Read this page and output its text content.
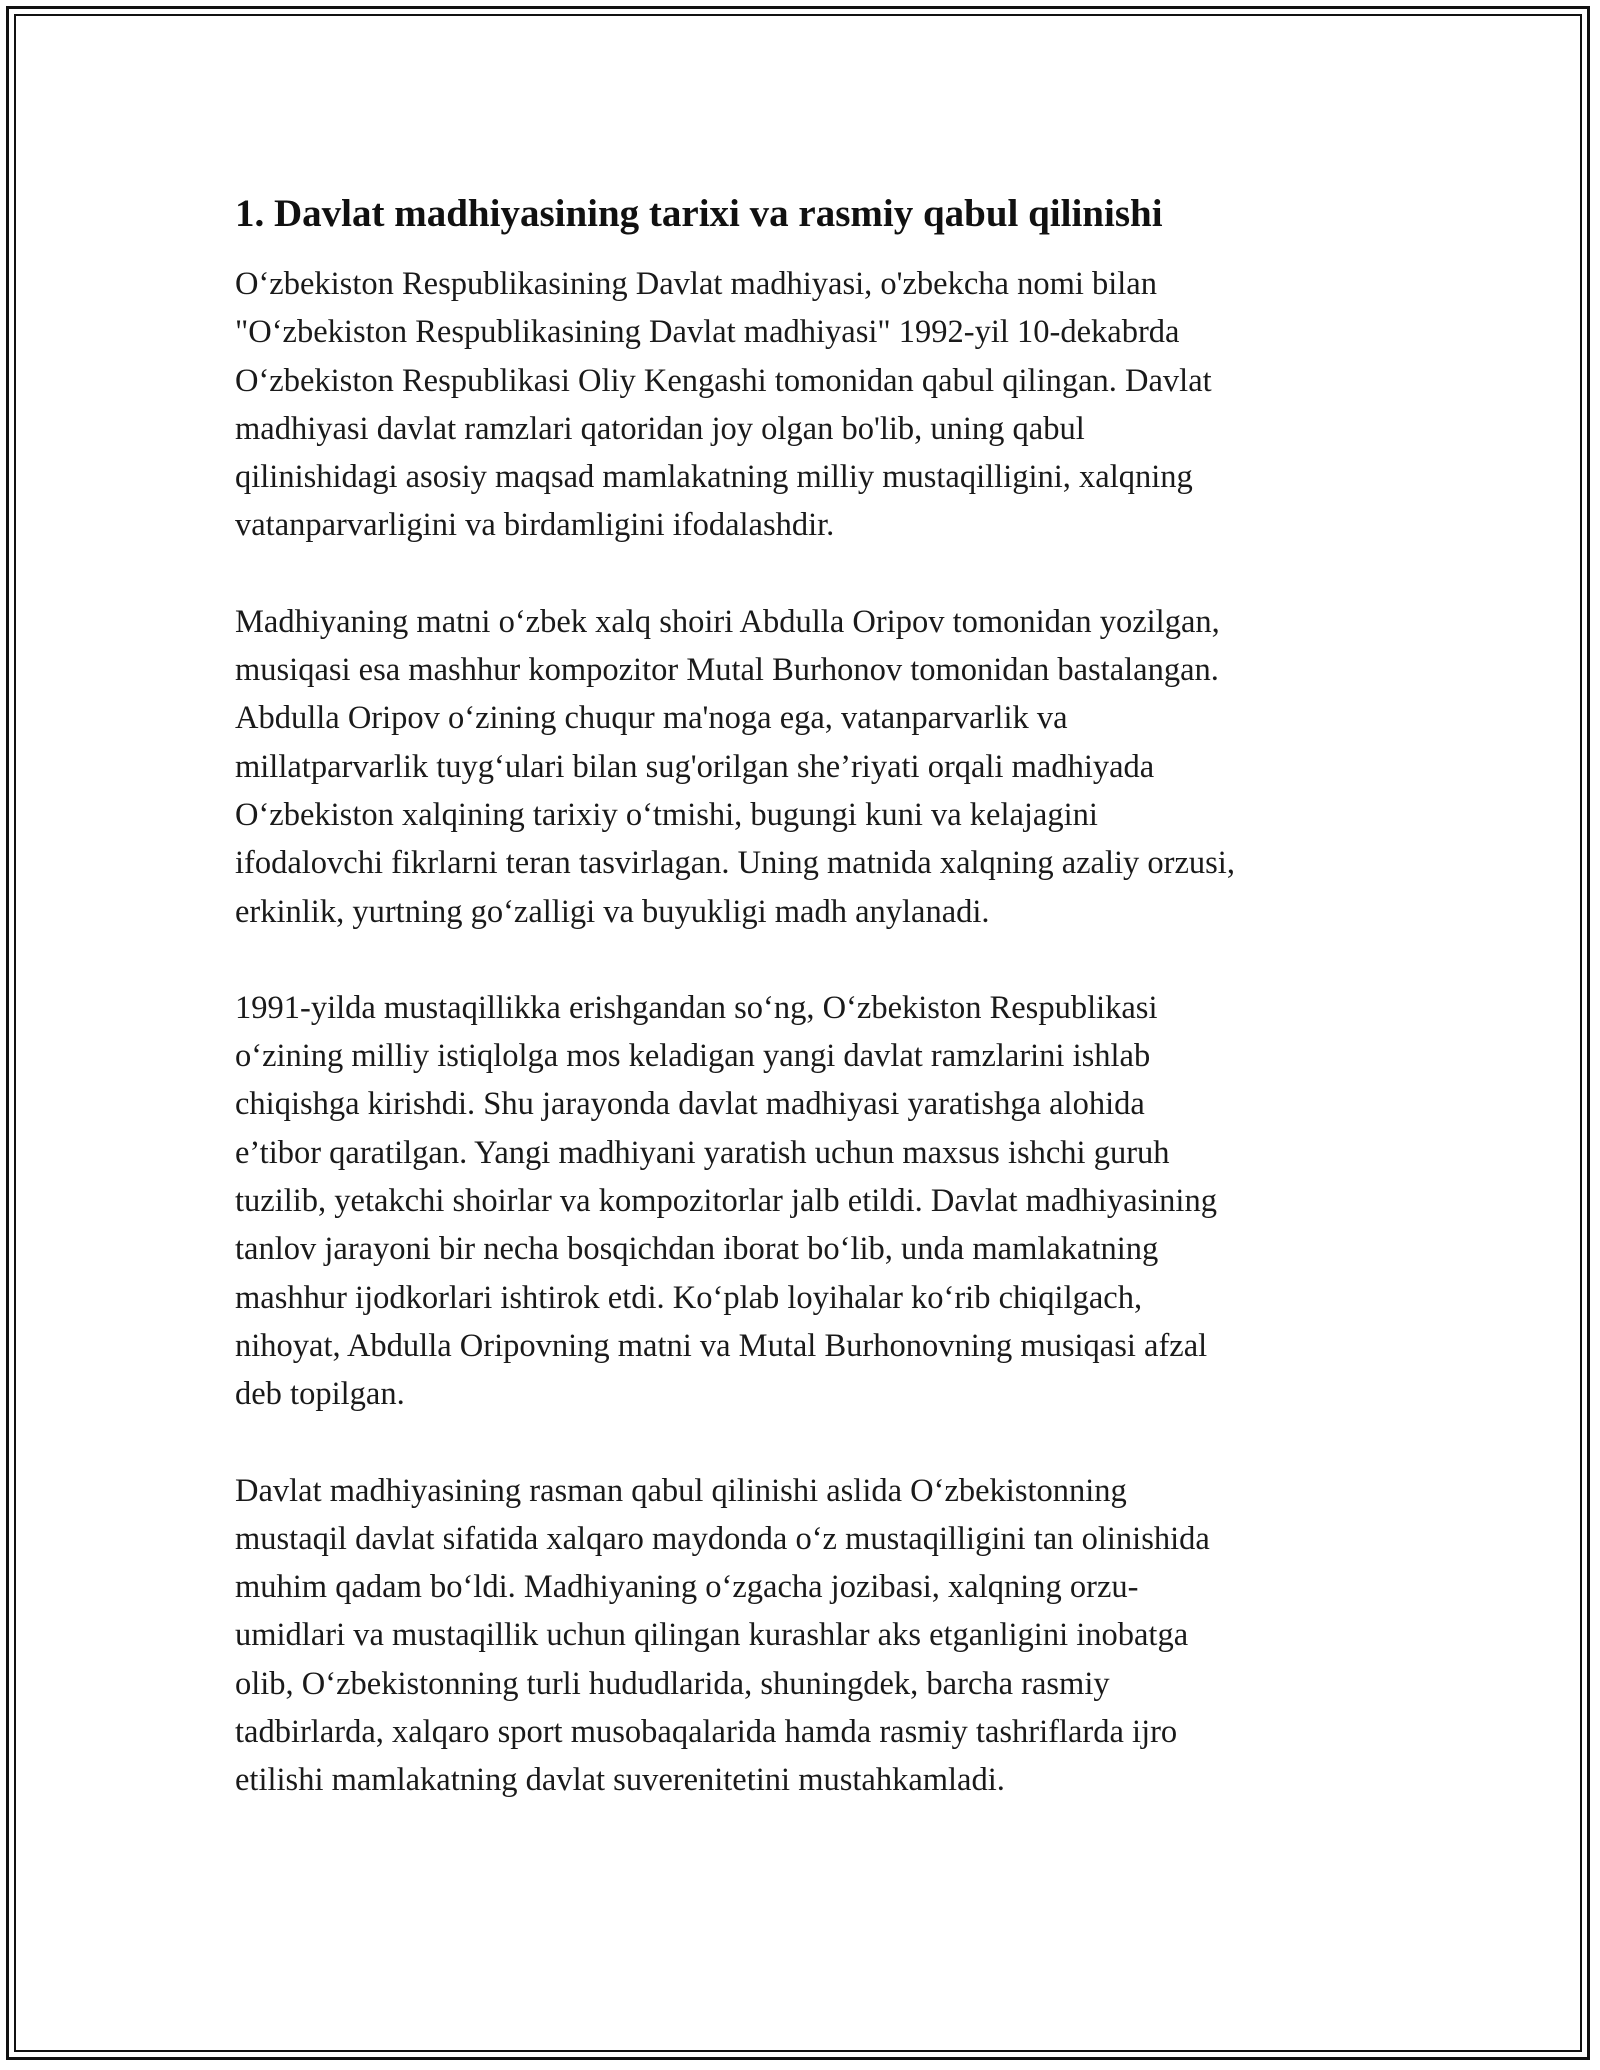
1. Davlat madhiyasining tarixi va rasmiy qabul qilinishi

O‘zbekiston Respublikasining Davlat madhiyasi, o'zbekcha nomi bilan
"O‘zbekiston Respublikasining Davlat madhiyasi" 1992-yil 10-dekabrda
O‘zbekiston Respublikasi Oliy Kengashi tomonidan qabul qilingan. Davlat
madhiyasi davlat ramzlari qatoridan joy olgan bo'lib, uning qabul
qilinishidagi asosiy maqsad mamlakatning milliy mustaqilligini, xalqning
vatanparvarligini va birdamligini ifodalashdir.

Madhiyaning matni o‘zbek xalq shoiri Abdulla Oripov tomonidan yozilgan,
musiqasi esa mashhur kompozitor Mutal Burhonov tomonidan bastalangan.
Abdulla Oripov o‘zining chuqur ma'noga ega, vatanparvarlik va
millatparvarlik tuyg‘ulari bilan sug'orilgan she’riyati orqali madhiyada
O‘zbekiston xalqining tarixiy o‘tmishi, bugungi kuni va kelajagini
ifodalovchi fikrlarni teran tasvirlagan. Uning matnida xalqning azaliy orzusi,
erkinlik, yurtning go‘zalligi va buyukligi madh anylanadi.

1991-yilda mustaqillikka erishgandan so‘ng, O‘zbekiston Respublikasi
o‘zining milliy istiqlolga mos keladigan yangi davlat ramzlarini ishlab
chiqishga kirishdi. Shu jarayonda davlat madhiyasi yaratishga alohida
e’tibor qaratilgan. Yangi madhiyani yaratish uchun maxsus ishchi guruh
tuzilib, yetakchi shoirlar va kompozitorlar jalb etildi. Davlat madhiyasining
tanlov jarayoni bir necha bosqichdan iborat bo‘lib, unda mamlakatning
mashhur ijodkorlari ishtirok etdi. Ko‘plab loyihalar ko‘rib chiqilgach,
nihoyat, Abdulla Oripovning matni va Mutal Burhonovning musiqasi afzal
deb topilgan.

Davlat madhiyasining rasman qabul qilinishi aslida O‘zbekistonning
mustaqil davlat sifatida xalqaro maydonda o‘z mustaqilligini tan olinishida
muhim qadam bo‘ldi. Madhiyaning o‘zgacha jozibasi, xalqning orzu-
umidlari va mustaqillik uchun qilingan kurashlar aks etganligini inobatga
olib, O‘zbekistonning turli hududlarida, shuningdek, barcha rasmiy
tadbirlarda, xalqaro sport musobaqalarida hamda rasmiy tashriflarda ijro
etilishi mamlakatning davlat suverenitetini mustahkamladi.
